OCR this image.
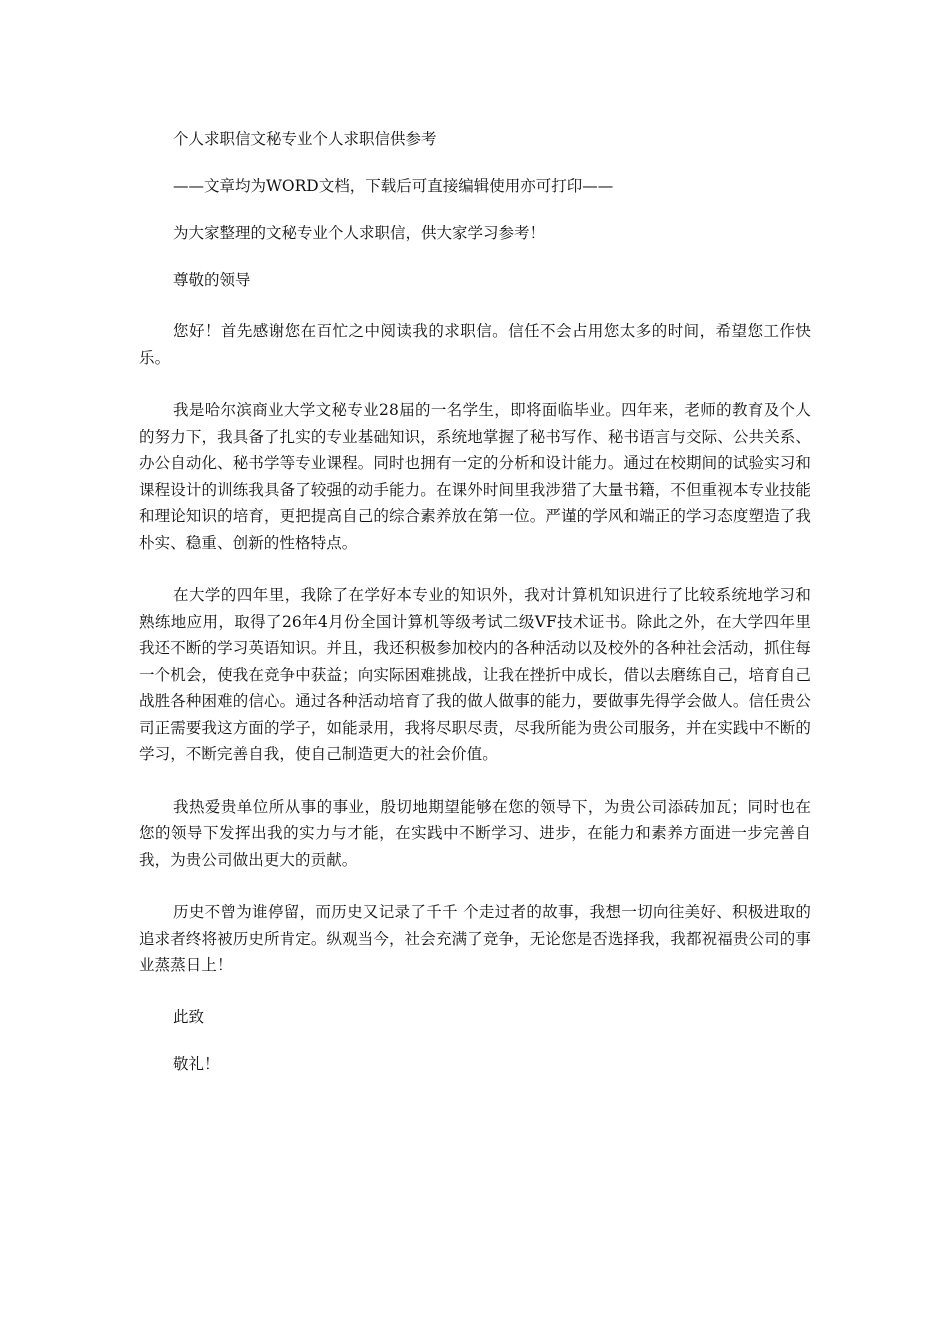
个人求职信文秘专业个人求职信供参考

——文章均为WORD文档，下载后可直接编辑使用亦可打印——

为大家整理的文秘专业个人求职信，供大家学习参考！

尊敬的领导

您好！首先感谢您在百忙之中阅读我的求职信。信任不会占用您太多的时间，希望您工作快乐。

我是哈尔滨商业大学文秘专业28届的一名学生，即将面临毕业。四年来，老师的教育及个人的努力下，我具备了扎实的专业基础知识，系统地掌握了秘书写作、秘书语言与交际、公共关系、办公自动化、秘书学等专业课程。同时也拥有一定的分析和设计能力。通过在校期间的试验实习和课程设计的训练我具备了较强的动手能力。在课外时间里我涉猎了大量书籍，不但重视本专业技能和理论知识的培育，更把提高自己的综合素养放在第一位。严谨的学风和端正的学习态度塑造了我朴实、稳重、创新的性格特点。

在大学的四年里，我除了在学好本专业的知识外，我对计算机知识进行了比较系统地学习和熟练地应用，取得了26年4月份全国计算机等级考试二级VF技术证书。除此之外，在大学四年里我还不断的学习英语知识。并且，我还积极参加校内的各种活动以及校外的各种社会活动，抓住每一个机会，使我在竞争中获益；向实际困难挑战，让我在挫折中成长，借以去磨练自己，培育自己战胜各种困难的信心。通过各种活动培育了我的做人做事的能力，要做事先得学会做人。信任贵公司正需要我这方面的学子，如能录用，我将尽职尽责，尽我所能为贵公司服务，并在实践中不断的学习，不断完善自我，使自己制造更大的社会价值。

我热爱贵单位所从事的事业，殷切地期望能够在您的领导下，为贵公司添砖加瓦；同时也在您的领导下发挥出我的实力与才能，在实践中不断学习、进步，在能力和素养方面进一步完善自我，为贵公司做出更大的贡献。

历史不曾为谁停留，而历史又记录了千千 个走过者的故事，我想一切向往美好、积极进取的追求者终将被历史所肯定。纵观当今，社会充满了竞争，无论您是否选择我，我都祝福贵公司的事业蒸蒸日上！

此致

敬礼！
